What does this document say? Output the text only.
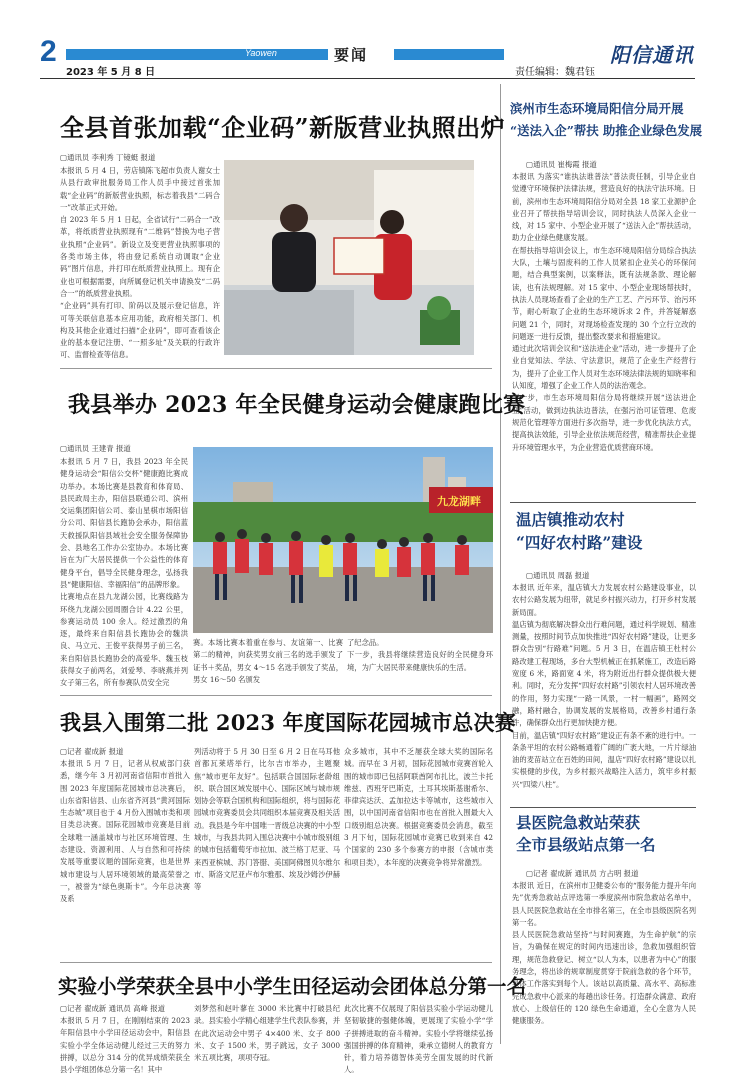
2	Yaowen	要闻
2023 年 5 月 8 日	责任编辑：魏君钰
阳信通讯
全县首张加载“企业码”新版营业执照出炉
▢通讯员 李利秀 丁镜蜓 报道

本报讯 5 月 4 日，劳店镇陈飞超市负责人谢女士从县行政审批服务局工作人员手中接过首张加载“企业码”的新版营业执照，标志着我县“二码合一”改革正式开始。

自 2023 年 5 月 1 日起，全省试行“二码合一”改革，将纸质营业执照现有“二维码”替换为电子营业执照“企业码”。新设立及变更营业执照事项的各类市场主体，将由登记系统自动调取“企业码”图片信息，并打印在纸质营业执照上。现有企业也可根据需要，向所属登记机关申请换发“二码合一”的纸质营业执照。

“企业码”具有打印、阶码以及展示登记信息，许可等关联信息基本应用功能，政府相关部门、机构及其他企业通过扫描“企业码”，即可查看该企业的基本登记注册、“一照多址”及关联的行政许可、监督检查等信息。

我县举办 2023 年全民健身运动会健康跑比赛
▢通讯员 王建青 报道

本报讯 5 月 7 日，我县 2023 年全民健身运动会“阳信公交杯”健康跑比赛成功举办。本场比赛是县教育和体育局、县民政局主办，阳信县联通公司、滨州交运集团阳信公司、泰山星棋市场阳信分公司、阳信县长跑协会承办，阳信蓝天救援队阳信县域社会安全服务保障协会、县地名工作办公室协办。本场比赛旨在为广大居民提供一个公益性的体育健身平台，倡导全民健身理念，弘扬我县“健康阳信、幸福阳信”的品牌形象。

比赛地点在县九龙湖公园，比赛线路为环绕九龙湖公园周圈合计 4.22 公里，参赛运动员 100 余人。经过激烈的角逐，最终来自阳信县长跑协会的魏洪良、马立元、王俊平获得男子前三名，来自阳信县长跑协会的高爱华、魏玉枝获得女子前两名，刘爱琴、李晓燕并列女子第三名，所有参赛队员安全完

九龙湖畔
赛。本场比赛本着重在参与、友谊第一、比赛第二的精神，向获奖男女前三名的选手颁发了证书＋奖品，男女 4～15 名选手颁发了奖品，男女 16～50 名颁发

了纪念品。

下一步，我县将继续营造良好的全民健身环境，为广大居民带来健康快乐的生活。

我县入围第二批 2023 年度国际花园城市总决赛
▢记者 翟成新 报道
本报讯 5 月 7 日，记者从权威部门获悉，继今年 3 月初河南省信阳市首批入围 2023 年度国际花园城市总决赛后，山东省阳信县、山东省齐河县“黄河国际生态城”项目也于 4 月份入围城市类和项目类总决赛。国际花园城市竞赛是目前全球唯一涵盖城市与社区环境管理、生态建设、资源利用、人与自然和可持续发展等重要议题的国际竞赛，也是世界城市建设与人居环境领域的最高荣誉之一，被誉为“绿色奥斯卡”。今年总决赛及系
列活动将于 5 月 30 日至 6 月 2 日在马耳他首都瓦莱塔举行，比尔吉市举办，主题聚焦“城市更年友好”。包括联合国国际老龄组织、联合国区域发展中心、国际区域与城市规划协会等联合国机构和国际组织，将与国际花园城市竞赛委员会共同组织本届竞赛及相关活动。我县是今年中国唯一晋级总决赛的中小型城市，与我县共同入围总决赛中小城市级别组的城市包括葡萄牙市拉加、波兰格丁尼亚、马来西亚槟城、苏门答腊、美国阿佛图贝尔维尔市、斯洛文尼亚卢布尔雅那、埃及沙姆沙伊赫等
众多城市，其中不乏屡获全球大奖的国际名城。而早在 3 月初，国际花园城市竞赛首轮入围的城市即已包括阿联酋阿布扎比，波兰卡托维兹、西班牙巴斯克，土耳其埃斯基谢希尔、菲律宾达沃、孟加拉达卡等城市，这些城市入围，以中国河南省信阳市也在首批入围最大入口级别组总决赛。根据竞赛委员会消息，截至 3 月下旬，国际花园城市竞赛已收到来自 42 个国家的 230 多个参赛方的申报（含城市类和项目类），本年度的决赛竞争将异常激烈。
实验小学荣获全县中小学生田径运动会团体总分第一名
▢记者 翟成新 通讯员 高峰 报道
本报讯 5 月 7 日，在刚刚结束的 2023 年阳信县中小学田径运动会中，阳信县实验小学全体运动健儿经过三天的努力拼搏，以总分 314 分的优异成绩荣获全县小学组团体总分第一名！其中
刘梦然和赵叶蓼在 3000 米比赛中打破县纪录。县实验小学精心组建学生代表队参赛，并在此次运动会中男子 4×400 米、女子 800 米、女子 1500 米，男子跳远，女子 3000 米五项比赛，项项夺冠。
此次比赛不仅展现了阳信县实验小学运动健儿坚韧敏捷的强健体魄，更展现了实验小学“学子拼搏进取的奋斗精神。实验小学将继续弘扬强国拼搏的体育精神，秉承立德树人的教育方针，着力培养德智体美劳全面发展的时代新人。
滨州市生态环境局阳信分局开展
“送法入企”帮扶 助推企业绿色发展
▢通讯员 崔梅霞 报道

本报讯 为落实“谁执法谁普法”普法责任制，引导企业自觉遵守环境保护法律法规，营造良好的执法守法环境。日前，滨州市生态环境局阳信分局对全县 18 家工业源护企业召开了帮扶指导培训会议，同时执法人员深入企业一线，对 15 家中、小型企业开展了“送法入企”帮扶活动，助力企业绿色健康发展。

在帮扶指导培训会议上，市生态环境局阳信分局综合执法大队，土壤与固废科的工作人员紧扣企业关心的环保问题，结合典型案例，以案释法，既有法规条款、理论解读，也有法规理解。对 15 家中、小型企业现场帮扶时，执法人员现场查看了企业的生产工艺、产污环节、治污环节，耐心听取了企业的生态环境诉求 2 件，并答疑解惑问题 21 个，同时，对现场检查发现的 30 个立行立改的问题逐一进行反馈，提出整改要求和措施建议。

通过此次培训会议和“送法进企业”活动，进一步提升了企业自觉知法、学法、守法意识，规范了企业生产经营行为，提升了企业工作人员对生态环境法律法规的知晓率和认知度，增强了企业工作人员的法治观念。

下一步，市生态环境局阳信分局将继续开展“送法进企业”活动，做到边执法边普法，在强污治可证管理、危废规范化管理等方面进行多次指导，进一步优化执法方式，提高执法效能，引导企业依法规范经营，精准帮扶企业提升环境管理水平，为企业营造优质营商环境。

温店镇推动农村
“四好农村路”建设
▢通讯员 周磊 报道

本报讯 近年来，温店镇大力发展农村公路建设事业，以农村公路发展为纽带，就足乡村振兴动力，打开乡村发展新局面。

温店镇为彻底解决群众出行难问题，通过科学规划、精准测量，按照时间节点加快推进“四好农村路”建设，让更多群众告别“行路难”问题。5 月 3 日，在温店镇王杜村公路改建工程现场，多台大型机械正在抓紧施工，改造后路宽度 6 米，路面宽 4 米，将为附近出行群众提供极大便利。同时，充分发挥“四好农村路”引领农村人居环境改善的作用，努力实现“一路一风景，一村一幅画”，路网交融，路村融合，协调发展的发展格局，改善乡村通行条件，确保群众出行更加快捷方便。

目前，温店镇“四好农村路”建设正有条不紊的进行中。一条条平坦的农村公路畅通着广阔的广袤大地，一片片绿油油的麦苗站立在百姓的田间，温店“四好农村路”建设以扎实根健的步伐，为乡村振兴战略注入活力，筑牢乡村振兴“四梁八柱”。

县医院急救站荣获
全市县级站点第一名
▢记者 翟成新 通讯员 方占明 报道

本报讯 近日，在滨州市卫健委公布的“服务能力提升年向先”优秀急救站点评选第一季度滨州市院急救站名单中，县人民医院急救站在全市排名第三，在全市县级医院名列第一名。

县人民医院急救站坚持“与时间赛跑，为生命护航”的宗旨，为确保在规定的时间内迅速出诊，急救加强组织管理，规范急救登记、树立“以人为本，以患者为中心”的服务理念，将出诊的规章制度贯穿于院前急救的各个环节，具体工作落实到每个人。该站以高质量、高水平、高标准完成急救中心派来的每趟出诊任务。打造群众满意、政府放心、上级信任的 120 绿色生命通道，全心全意为人民健康服务。
